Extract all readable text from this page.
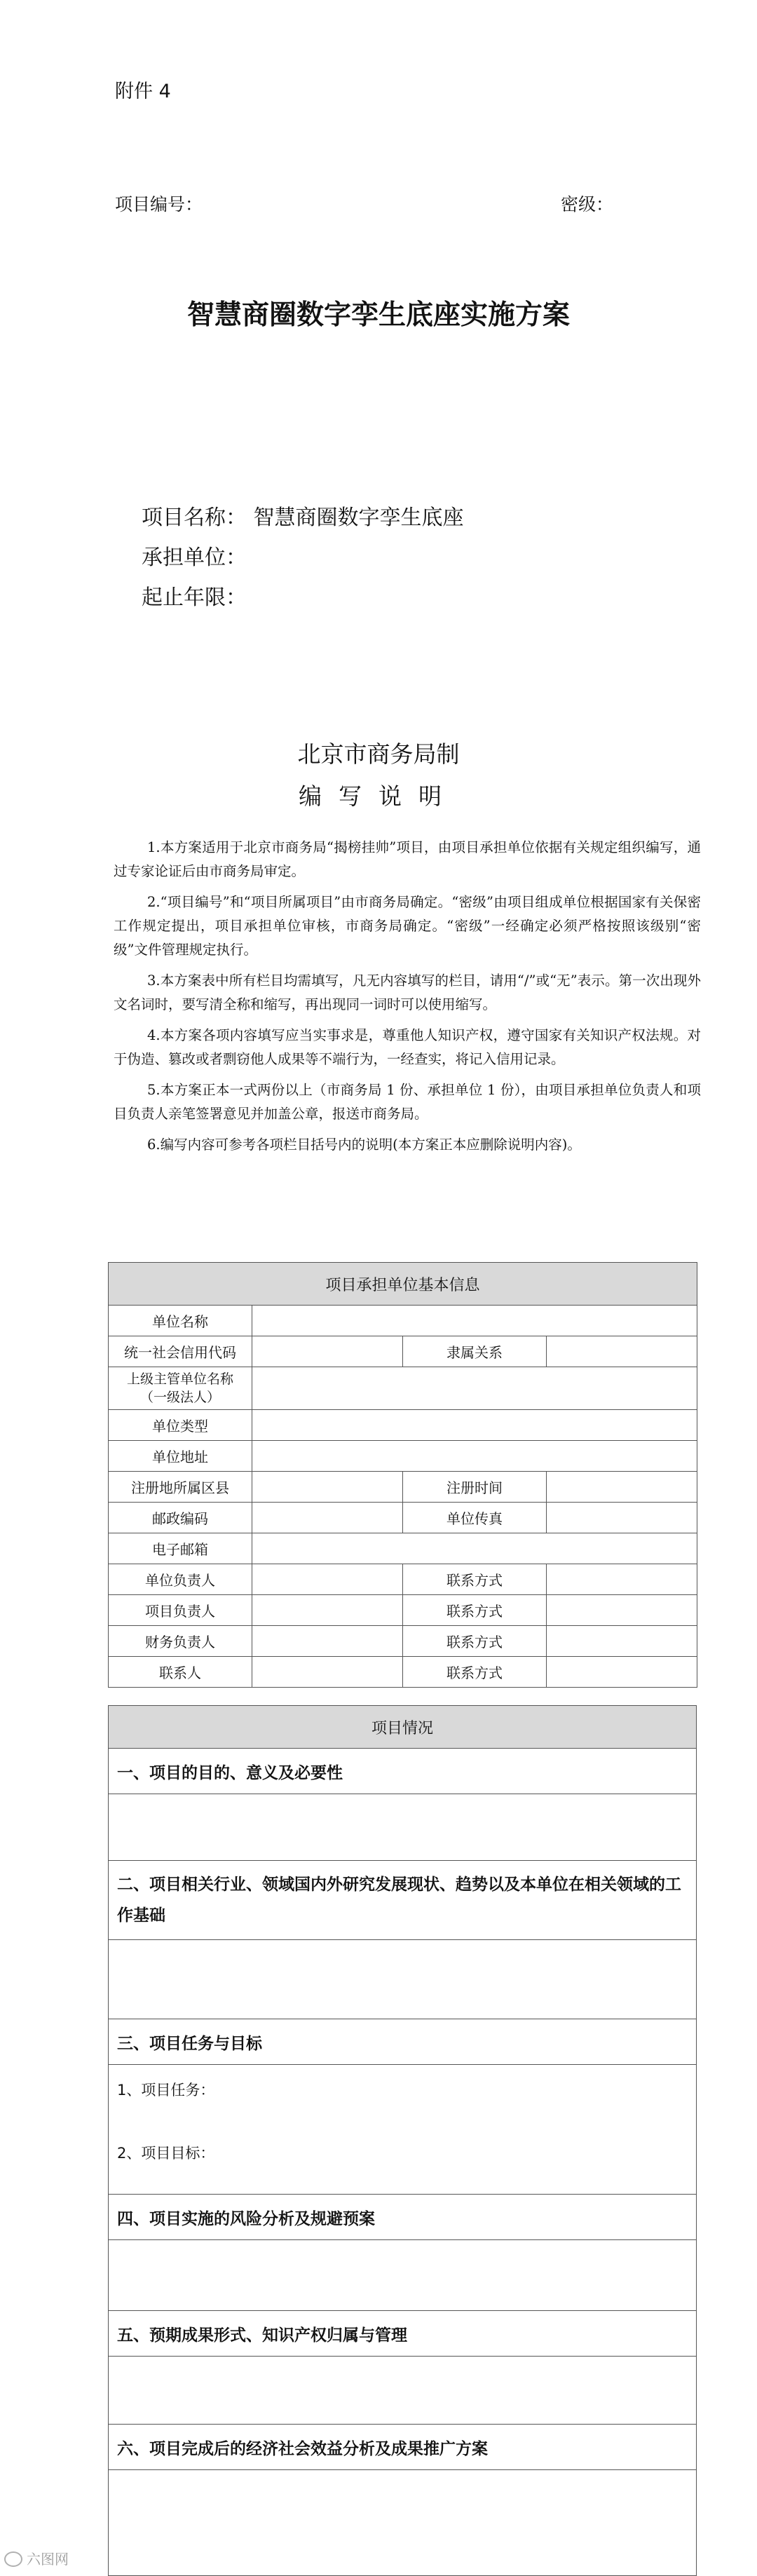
附件 4
项目编号：	密级：
智慧商圈数字孪生底座实施方案
项目名称： 智慧商圈数字孪生底座
承担单位：
起止年限：
北京市商务局制
编写说明

1.本方案适用于北京市商务局“揭榜挂帅”项目，由项目承担单位依据有关规定组织编写，通过专家论证后由市商务局审定。

2.“项目编号”和“项目所属项目”由市商务局确定。“密级”由项目组成单位根据国家有关保密工作规定提出，项目承担单位审核，市商务局确定。“密级”一经确定必须严格按照该级别“密级”文件管理规定执行。

3.本方案表中所有栏目均需填写，凡无内容填写的栏目，请用“/”或“无”表示。第一次出现外文名词时，要写清全称和缩写，再出现同一词时可以使用缩写。

4.本方案各项内容填写应当实事求是，尊重他人知识产权，遵守国家有关知识产权法规。对于伪造、篡改或者剽窃他人成果等不端行为，一经查实，将记入信用记录。

5.本方案正本一式两份以上（市商务局 1 份、承担单位 1 份），由项目承担单位负责人和项目负责人亲笔签署意见并加盖公章，报送市商务局。

6.编写内容可参考各项栏目括号内的说明(本方案正本应删除说明内容)。

项目承担单位基本信息			
单位名称			
统一社会信用代码		隶属关系	
上级主管单位名称
（一级法人）			
单位类型			
单位地址			
注册地所属区县		注册时间	
邮政编码		单位传真	
电子邮箱			
单位负责人		联系方式	
项目负责人		联系方式	
财务负责人		联系方式	
联系人		联系方式	
项目情况
一、项目的目的、意义及必要性

二、项目相关行业、领域国内外研究发展现状、趋势以及本单位在相关领域的工作基础

三、项目任务与目标

1、项目任务：
2、项目目标：

四、项目实施的风险分析及规避预案

五、预期成果形式、知识产权归属与管理

六、项目完成后的经济社会效益分析及成果推广方案

六图网
